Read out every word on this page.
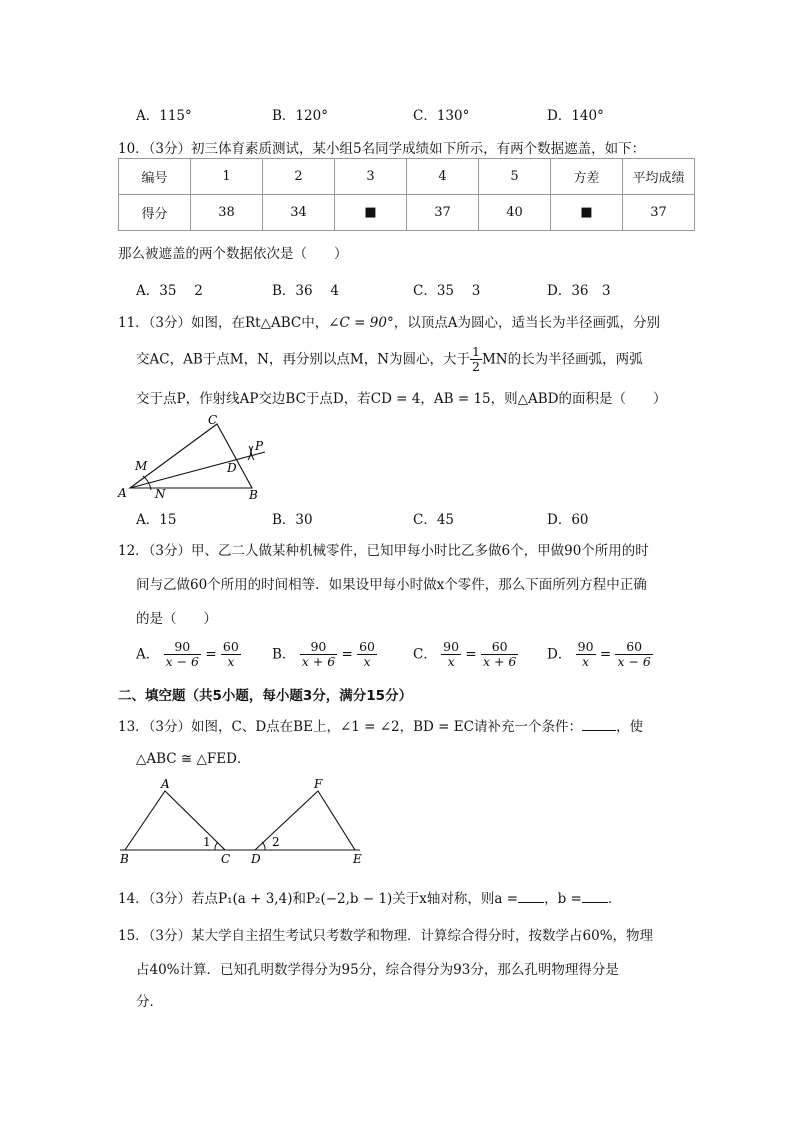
A．115°	B．120°	C．130°	D．140°
10．（3分）初三体育素质测试，某小组5名同学成绩如下所示，有两个数据遮盖，如下：
编号	1	2	3	4	5	方差	平均成绩
得分	38	34	■	37	40	■	37
那么被遮盖的两个数据依次是（　　）
A．35　 2	B．36　 4	C．35　 3	D．36　3
11．（3分）如图，在Rt△ABC中，∠C = 90°，以顶点A为圆心，适当长为半径画弧，分别
交AC，AB于点M，N，再分别以点M，N为圆心，大于 $\frac{1}{2}$ MN的长为半径画弧，两弧
交于点P，作射线AP交边BC于点D，若CD = 4，AB = 15，则△ABD的面积是（　　）
A	B
C
D
M
N
P
A．15	B．30	C．45	D．60
12．（3分）甲、乙二人做某种机械零件，已知甲每小时比乙多做6个，甲做90个所用的时
间与乙做60个所用的时间相等．如果设甲每小时做x个零件，那么下面所列方程中正确
的是（　　）
A． $\frac{90}{x - 6} = \frac{60}{x}$ B． $\frac{90}{x + 6} = \frac{60}{x}$	C． $\frac{90}{x} = \frac{60}{x + 6}$ D． $\frac{90}{x} = \frac{60}{x - 6}$
二、填空题（共5小题，每小题3分，满分15分）
13．（3分）如图，C、D点在BE上，∠1 = ∠2，BD = EC请补充一个条件：	，使
△ABC ≅ △FED．
B
A
C D
F
E
1	2
14．（3分）若点P₁(a + 3,4)和P₂(−2,b − 1)关于x轴对称，则a = ，b = ．
15．（3分）某大学自主招生考试只考数学和物理．计算综合得分时，按数学占60%，物理
占40%计算．已知孔明数学得分为95分，综合得分为93分，那么孔明物理得分是
分．
